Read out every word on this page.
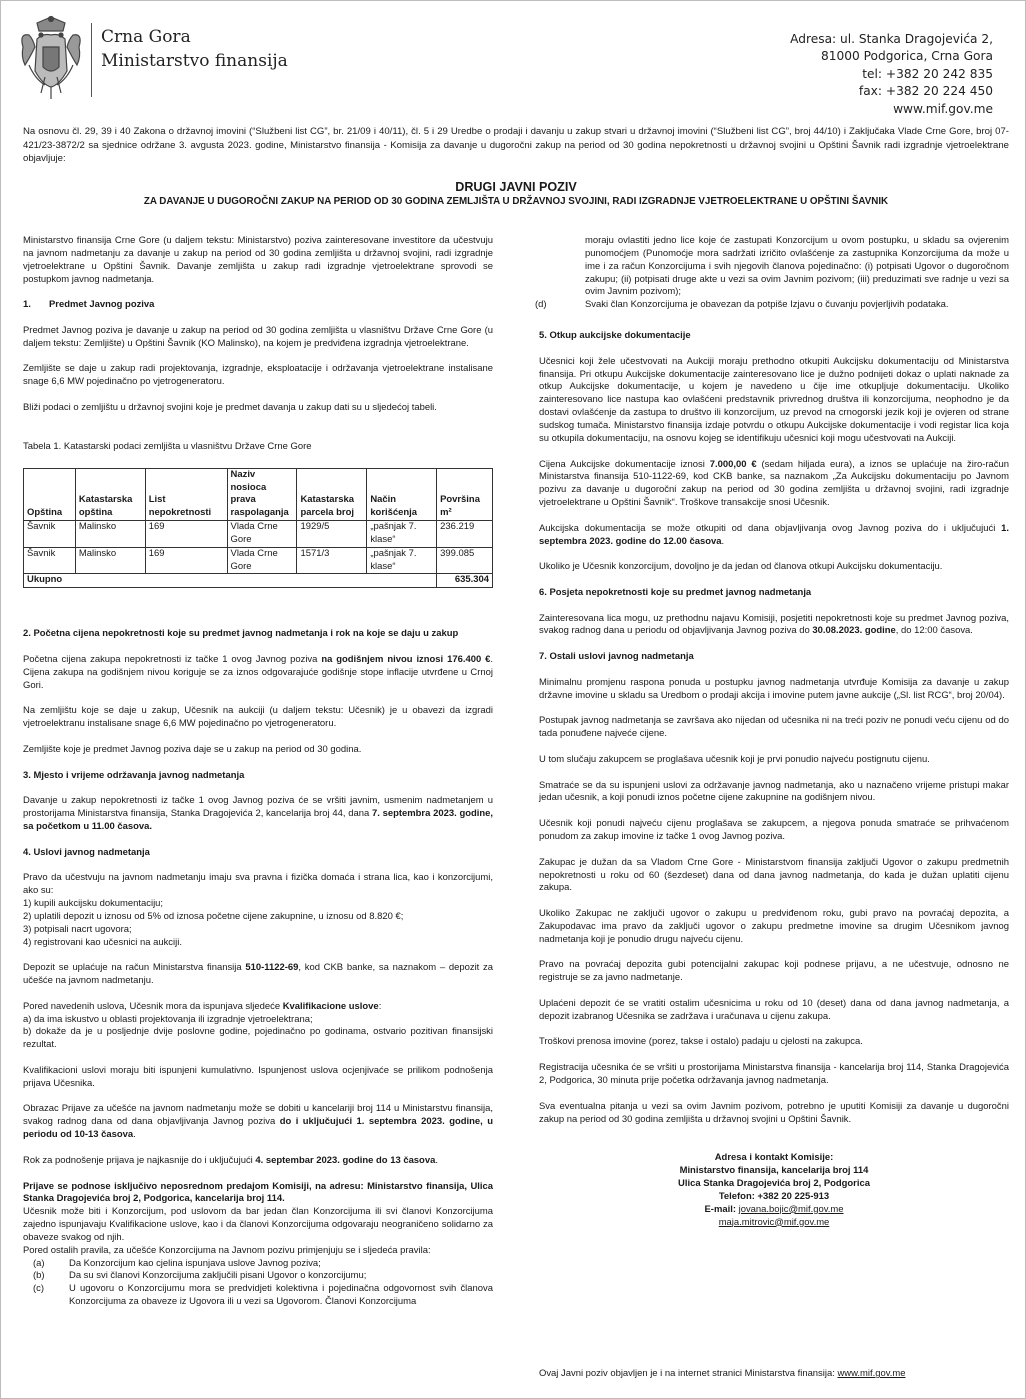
Crna Gora
Ministarstvo finansija
Adresa: ul. Stanka Dragojevića 2,
81000 Podgorica, Crna Gora
tel: +382 20 242 835
fax: +382 20 224 450
www.mif.gov.me
Na osnovu čl. 29, 39 i 40 Zakona o državnoj imovini (“Službeni list CG”, br. 21/09 i 40/11), čl. 5 i 29 Uredbe o prodaji i davanju u zakup stvari u državnoj imovini (“Službeni list CG”, broj 44/10) i Zaključaka Vlade Crne Gore, broj 07-421/23-3872/2 sa sjednice održane 3. avgusta 2023. godine, Ministarstvo finansija - Komisija za davanje u dugoročni zakup na period od 30 godina nepokretnosti u državnoj svojini u Opštini Šavnik radi izgradnje vjetroelektrane objavljuje:
DRUGI JAVNI POZIV
ZA DAVANJE U DUGOROČNI ZAKUP NA PERIOD OD 30 GODINA ZEMLJIŠTA U DRŽAVNOJ SVOJINI, RADI IZGRADNJE VJETROELEKTRANE U OPŠTINI ŠAVNIK

Ministarstvo finansija Crne Gore (u daljem tekstu: Ministarstvo) poziva zainteresovane investitore da učestvuju na javnom nadmetanju za davanje u zakup na period od 30 godina zemljišta u državnoj svojini, radi izgradnje vjetroelektrane u Opštini Šavnik. Davanje zemljišta u zakup radi izgradnje vjetroelektrane sprovodi se postupkom javnog nadmetanja.

1. Predmet Javnog poziva

Predmet Javnog poziva je davanje u zakup na period od 30 godina zemljišta u vlasništvu Države Crne Gore (u daljem tekstu: Zemljište) u Opštini Šavnik (KO Malinsko), na kojem je predviđena izgradnja vjetroelektrane.

Zemljište se daje u zakup radi projektovanja, izgradnje, eksploatacije i održavanja vjetroelektrane instalisane snage 6,6 MW pojedinačno po vjetrogeneratoru.

Bliži podaci o zemljištu u državnoj svojini koje je predmet davanja u zakup dati su u sljedećoj tabeli.

Tabela 1. Katastarski podaci zemljišta u vlasništvu Države Crne Gore
Opština	Katastarska opština	List nepokretnosti	Naziv nosioca prava raspolaganja	Katastarska parcela broj	Način korišćenja	Površina m²
Šavnik	Malinsko	169	Vlada Crne Gore	1929/5	„pašnjak 7. klase“	236.219
Šavnik	Malinsko	169	Vlada Crne Gore	1571/3	„pašnjak 7. klase“	399.085
Ukupno						635.304
2. Početna cijena nepokretnosti koje su predmet javnog nadmetanja i rok na koje se daju u zakup

Početna cijena zakupa nepokretnosti iz tačke 1 ovog Javnog poziva na godišnjem nivou iznosi 176.400 €. Cijena zakupa na godišnjem nivou koriguje se za iznos odgovarajuće godišnje stope inflacije utvrđene u Crnoj Gori.

Na zemljištu koje se daje u zakup, Učesnik na aukciji (u daljem tekstu: Učesnik) je u obavezi da izgradi vjetroelektranu instalisane snage 6,6 MW pojedinačno po vjetrogeneratoru.

Zemljište koje je predmet Javnog poziva daje se u zakup na period od 30 godina.

3. Mjesto i vrijeme održavanja javnog nadmetanja

Davanje u zakup nepokretnosti iz tačke 1 ovog Javnog poziva će se vršiti javnim, usmenim nadmetanjem u prostorijama Ministarstva finansija, Stanka Dragojevića 2, kancelarija broj 44, dana 7. septembra 2023. godine, sa početkom u 11.00 časova.

4. Uslovi javnog nadmetanja

Pravo da učestvuju na javnom nadmetanju imaju sva pravna i fizička domaća i strana lica, kao i konzorcijumi, ako su:

1) kupili aukcijsku dokumentaciju;
2) uplatili depozit u iznosu od 5% od iznosa početne cijene zakupnine, u iznosu od 8.820 €;
3) potpisali nacrt ugovora;
4) registrovani kao učesnici na aukciji.

Depozit se uplaćuje na račun Ministarstva finansija 510-1122-69, kod CKB banke, sa naznakom – depozit za učešće na javnom nadmetanju.

Pored navedenih uslova, Učesnik mora da ispunjava sljedeće Kvalifikacione uslove:

a) da ima iskustvo u oblasti projektovanja ili izgradnje vjetroelektrana;
b) dokaže da je u posljednje dvije poslovne godine, pojedinačno po godinama, ostvario pozitivan finansijski rezultat.

Kvalifikacioni uslovi moraju biti ispunjeni kumulativno. Ispunjenost uslova ocjenjivaće se prilikom podnošenja prijava Učesnika.

Obrazac Prijave za učešće na javnom nadmetanju može se dobiti u kancelariji broj 114 u Ministarstvu finansija, svakog radnog dana od dana objavljivanja Javnog poziva do i uključujući 1. septembra 2023. godine, u periodu od 10-13 časova.

Rok za podnošenje prijava je najkasnije do i uključujući 4. septembar 2023. godine do 13 časova.

Prijave se podnose isključivo neposrednom predajom Komisiji, na adresu: Ministarstvo finansija, Ulica Stanka Dragojevića broj 2, Podgorica, kancelarija broj 114.

Učesnik može biti i Konzorcijum, pod uslovom da bar jedan član Konzorcijuma ili svi članovi Konzorcijuma zajedno ispunjavaju Kvalifikacione uslove, kao i da članovi Konzorcijuma odgovaraju neograničeno solidarno za obaveze svakog od njih.

Pored ostalih pravila, za učešće Konzorcijuma na Javnom pozivu primjenjuju se i sljedeća pravila:

(a)	Da Konzorcijum kao cjelina ispunjava uslove Javnog poziva;
(b)	Da su svi članovi Konzorcijuma zaključili pisani Ugovor o konzorcijumu;
(c)	U ugovoru o Konzorcijumu mora se predvidjeti kolektivna i pojedinačna odgovornost svih članova Konzorcijuma za obaveze iz Ugovora ili u vezi sa Ugovorom. Članovi Konzorcijuma
moraju ovlastiti jedno lice koje će zastupati Konzorcijum u ovom postupku, u skladu sa ovjerenim punomoćjem (Punomoćje mora sadržati izričito ovlašćenje za zastupnika Konzorcijuma da može u ime i za račun Konzorcijuma i svih njegovih članova pojedinačno: (i) potpisati Ugovor o dugoročnom zakupu; (ii) potpisati druge akte u vezi sa ovim Javnim pozivom; (iii) preduzimati sve radnje u vezi sa ovim Javnim pozivom);
(d)	Svaki član Konzorcijuma je obavezan da potpiše Izjavu o čuvanju povjerljivih podataka.
5. Otkup aukcijske dokumentacije

Učesnici koji žele učestvovati na Aukciji moraju prethodno otkupiti Aukcijsku dokumentaciju od Ministarstva finansija. Pri otkupu Aukcijske dokumentacije zainteresovano lice je dužno podnijeti dokaz o uplati naknade za otkup Aukcijske dokumentacije, u kojem je navedeno u čije ime otkupljuje dokumentaciju. Ukoliko zainteresovano lice nastupa kao ovlašćeni predstavnik privrednog društva ili konzorcijuma, neophodno je da dostavi ovlašćenje da zastupa to društvo ili konzorcijum, uz prevod na crnogorski jezik koji je ovjeren od strane sudskog tumača. Ministarstvo finansija izdaje potvrdu o otkupu Aukcijske dokumentacije i vodi registar lica koja su otkupila dokumentaciju, na osnovu kojeg se identifikuju učesnici koji mogu učestvovati na Aukciji.

Cijena Aukcijske dokumentacije iznosi 7.000,00 € (sedam hiljada eura), a iznos se uplaćuje na žiro-račun Ministarstva finansija 510-1122-69, kod CKB banke, sa naznakom „Za Aukcijsku dokumentaciju po Javnom pozivu za davanje u dugoročni zakup na period od 30 godina zemljišta u državnoj svojini, radi izgradnje vjetroelektrane u Opštini Šavnik“. Troškove transakcije snosi Učesnik.

Aukcijska dokumentacija se može otkupiti od dana objavljivanja ovog Javnog poziva do i uključujući 1. septembra 2023. godine do 12.00 časova.

Ukoliko je Učesnik konzorcijum, dovoljno je da jedan od članova otkupi Aukcijsku dokumentaciju.

6. Posjeta nepokretnosti koje su predmet javnog nadmetanja

Zainteresovana lica mogu, uz prethodnu najavu Komisiji, posjetiti nepokretnosti koje su predmet Javnog poziva, svakog radnog dana u periodu od objavljivanja Javnog poziva do 30.08.2023. godine, do 12:00 časova.

7. Ostali uslovi javnog nadmetanja

Minimalnu promjenu raspona ponuda u postupku javnog nadmetanja utvrđuje Komisija za davanje u zakup državne imovine u skladu sa Uredbom o prodaji akcija i imovine putem javne aukcije („Sl. list RCG“, broj 20/04).

Postupak javnog nadmetanja se završava ako nijedan od učesnika ni na treći poziv ne ponudi veću cijenu od do tada ponuđene najveće cijene.

U tom slučaju zakupcem se proglašava učesnik koji je prvi ponudio najveću postignutu cijenu.

Smatraće se da su ispunjeni uslovi za održavanje javnog nadmetanja, ako u naznačeno vrijeme pristupi makar jedan učesnik, a koji ponudi iznos početne cijene zakupnine na godišnjem nivou.

Učesnik koji ponudi najveću cijenu proglašava se zakupcem, a njegova ponuda smatraće se prihvaćenom ponudom za zakup imovine iz tačke 1 ovog Javnog poziva.

Zakupac je dužan da sa Vladom Crne Gore - Ministarstvom finansija zaključi Ugovor o zakupu predmetnih nepokretnosti u roku od 60 (šezdeset) dana od dana javnog nadmetanja, do kada je dužan uplatiti cijenu zakupa.

Ukoliko Zakupac ne zaključi ugovor o zakupu u predviđenom roku, gubi pravo na povraćaj depozita, a Zakupodavac ima pravo da zaključi ugovor o zakupu predmetne imovine sa drugim Učesnikom javnog nadmetanja koji je ponudio drugu najveću cijenu.

Pravo na povraćaj depozita gubi potencijalni zakupac koji podnese prijavu, a ne učestvuje, odnosno ne registruje se za javno nadmetanje.

Uplaćeni depozit će se vratiti ostalim učesnicima u roku od 10 (deset) dana od dana javnog nadmetanja, a depozit izabranog Učesnika se zadržava i uračunava u cijenu zakupa.

Troškovi prenosa imovine (porez, takse i ostalo) padaju u cjelosti na zakupca.

Registracija učesnika će se vršiti u prostorijama Ministarstva finansija - kancelarija broj 114, Stanka Dragojevića 2, Podgorica, 30 minuta prije početka održavanja javnog nadmetanja.

Sva eventualna pitanja u vezi sa ovim Javnim pozivom, potrebno je uputiti Komisiji za davanje u dugoročni zakup na period od 30 godina zemljišta u državnoj svojini u Opštini Šavnik.

Adresa i kontakt Komisije:
Ministarstvo finansija, kancelarija broj 114
Ulica Stanka Dragojevića broj 2, Podgorica
Telefon: +382 20 225-913
E-mail: jovana.bojic@mif.gov.me
maja.mitrovic@mif.gov.me
Ovaj Javni poziv objavljen je i na internet stranici Ministarstva finansija: www.mif.gov.me
